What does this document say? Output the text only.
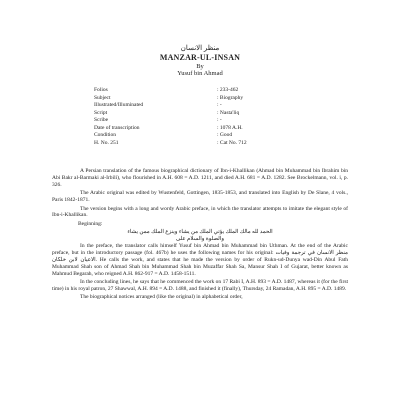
منظر الانسان
MANZAR-UL-INSAN
By
Yusuf bin Ahmad
Folios	: 233-462
Subject	: Biography
Illustrated/Illuminated	: -
Script	: Nasta'liq
Scribe	: -
Date of transcription	: 1078 A.H.
Condition	: Good
H. No. 251	: Cat No. 712

A Persian translation of the famous biographical dictionary of Ibn-i-Khallikan (Ahmad bin Muhammad bin Ibrahim bin Abi Bakr al-Barmaki al-Irbili), who flourished in A.H. 608 = A.D. 1211, and died A.H. 681 = A.D. 1282. See Brockelmann, vol. i, p. 326.

The Arabic original was edited by Wustenfeld, Gottingen, 1835-1853, and translated into English by De Slane, 4 vols., Paris 1842-1871.

The version begins with a long and wordy Arabic preface, in which the translator attempts to imitate the elegant style of Ibn-i-Khallikan.

Beginning:

الحمد لله مالك الملك يؤتي الملك من يشاء وينزع الملك ممن يشاء
والصلوة والسلام على

In the preface, the translator calls himself Yusuf bin Ahmad bin Muhammad bin Uthman. At the end of the Arabic preface, but in the introductory passage (fol. 467b) he uses the following names for his original: منظر الانسان في ترجمة وفيات الاعيان لابن خلكان. He calls the work, and states that he made the version by order of Rukn-ud-Dunya wad-Din Abul Fath Muhammad Shah son of Ahmad Shah bin Muhammad Shah bin Muzaffar Shah Sa, Mansur Shah I of Gujarat, better known as Mahmud Begarah, who reigned A.H. 862-917 = A.D. 1458-1511.

In the concluding lines, he says that he commenced the work on 17 Rabi I, A.H. 893 = A.D. 1487, whereas it (for the first time) in his royal patron, 27 Shawwal, A.H. 894 = A.D. 1488, and finished it (finally), Thursday, 24 Ramadan, A.H. 895 = A.D. 1489.

The biographical notices arranged (like the original) in alphabetical order,
